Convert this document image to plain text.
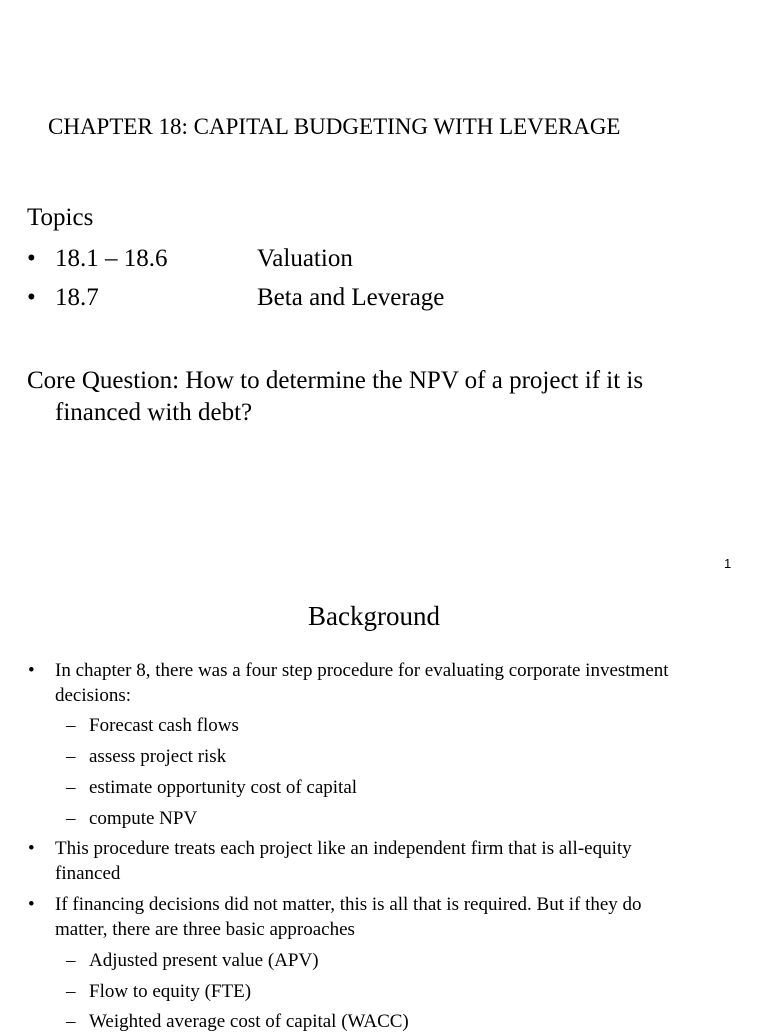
CHAPTER 18: CAPITAL BUDGETING WITH LEVERAGE
Topics
• 18.1 – 18.6	Valuation
• 18.7	Beta and Leverage
Core Question: How to determine the NPV of a project if it is
financed with debt?
1
Background
• In chapter 8, there was a four step procedure for evaluating corporate investment
decisions:
– Forecast cash flows
– assess project risk
– estimate opportunity cost of capital
– compute NPV
• This procedure treats each project like an independent firm that is all-equity
financed
• If financing decisions did not matter, this is all that is required. But if they do
matter, there are three basic approaches
– Adjusted present value (APV)
– Flow to equity (FTE)
– Weighted average cost of capital (WACC)
